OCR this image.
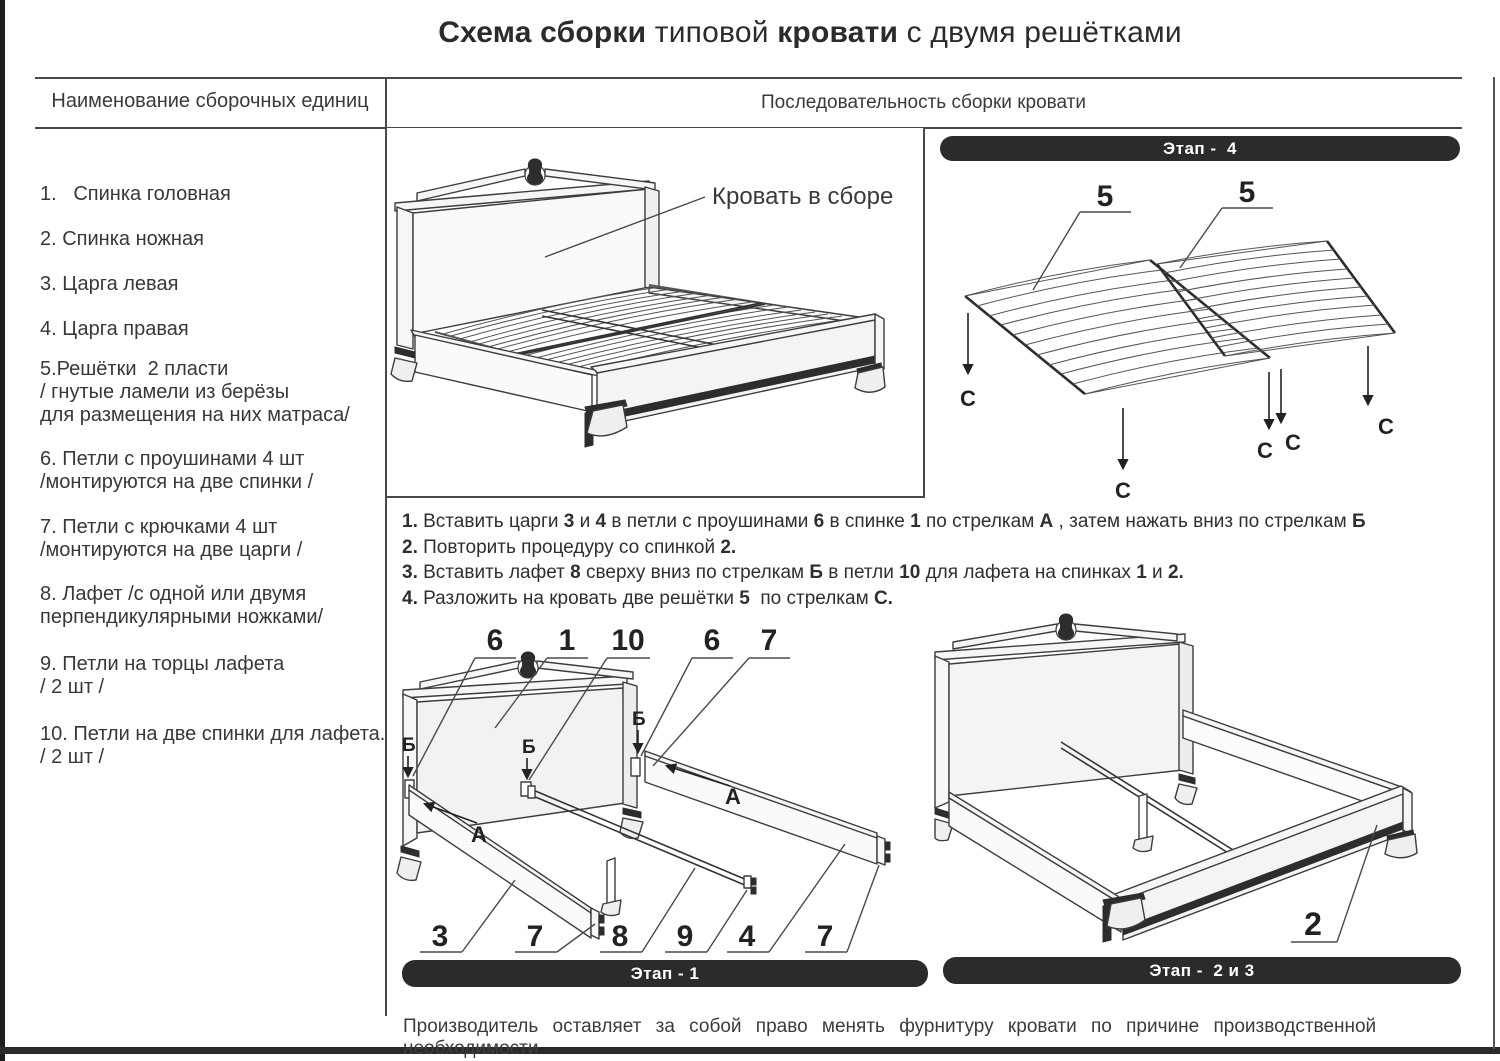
Схема сборки типовой кровати с двумя решётками
Наименование сборочных единиц	Последовательность сборки кровати
1.   Спинка головная
2. Спинка ножная
3. Царга левая
4. Царга правая
5.Решётки  2 пласти
/ гнутые ламели из берёзы
для размещения на них матраса/
6. Петли с проушинами 4 шт
/монтируются на две спинки /
7. Петли с крючками 4 шт
/монтируются на две царги /
8. Лафет /с одной или двумя
перпендикулярными ножками/
9. Петли на торцы лафета
/ 2 шт /
10. Петли на две спинки для лафета.
/ 2 шт /
Кровать в сборе
Этап -  4
5	5
С
С
С С
С
1. Вставить царги 3 и 4 в петли с проушинами 6 в спинке 1 по стрелкам А , затем нажать вниз по стрелкам Б
2. Повторить процедуру со спинкой 2.
3. Вставить лафет 8 сверху вниз по стрелкам Б в петли 10 для лафета на спинках 1 и 2.
4. Разложить на кровать две решётки 5  по стрелкам С.
А
А
Б	Б
Б
6 1 10 6 7
3	7 8 9 4 7	2
Этап - 1	Этап -  2 и 3
Производитель оставляет за собой право менять фурнитуру кровати по причине производственной необходимости
